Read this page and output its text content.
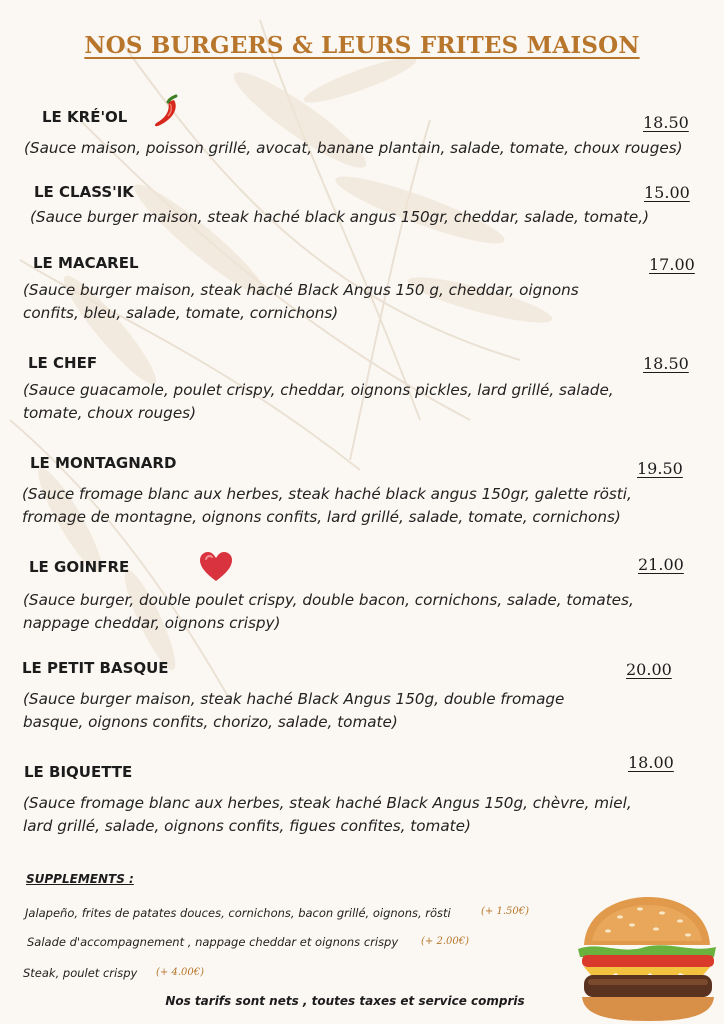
NOS BURGERS & LEURS FRITES MAISON
LE KRÉ'OL	18.50
(Sauce maison, poisson grillé, avocat, banane plantain, salade, tomate, choux rouges)
LE CLASS'IK	15.00
(Sauce burger maison, steak haché black angus 150gr, cheddar, salade, tomate,)
LE MACAREL	17.00
(Sauce burger maison, steak haché Black Angus 150 g, cheddar, oignons confits, bleu, salade, tomate, cornichons)
LE CHEF	18.50
(Sauce guacamole, poulet crispy, cheddar, oignons pickles, lard grillé, salade, tomate, choux rouges)
LE MONTAGNARD	19.50
(Sauce fromage blanc aux herbes, steak haché black angus 150gr, galette rösti, fromage de montagne, oignons confits, lard grillé, salade, tomate, cornichons)
LE GOINFRE	21.00
(Sauce burger, double poulet crispy, double bacon, cornichons, salade, tomates, nappage cheddar, oignons crispy)
LE PETIT BASQUE	20.00
(Sauce burger maison, steak haché Black Angus 150g, double fromage basque, oignons confits, chorizo, salade, tomate)
LE BIQUETTE	18.00
(Sauce fromage blanc aux herbes, steak haché Black Angus 150g, chèvre, miel, lard grillé, salade, oignons confits, figues confites, tomate)
SUPPLEMENTS :
Jalapeño, frites de patates douces, cornichons, bacon grillé, oignons, rösti	(+ 1.50€)
Salade d'accompagnement , nappage cheddar et oignons crispy (+ 2.00€)
Steak, poulet crispy (+ 4.00€)
Nos tarifs sont nets , toutes taxes et service compris
